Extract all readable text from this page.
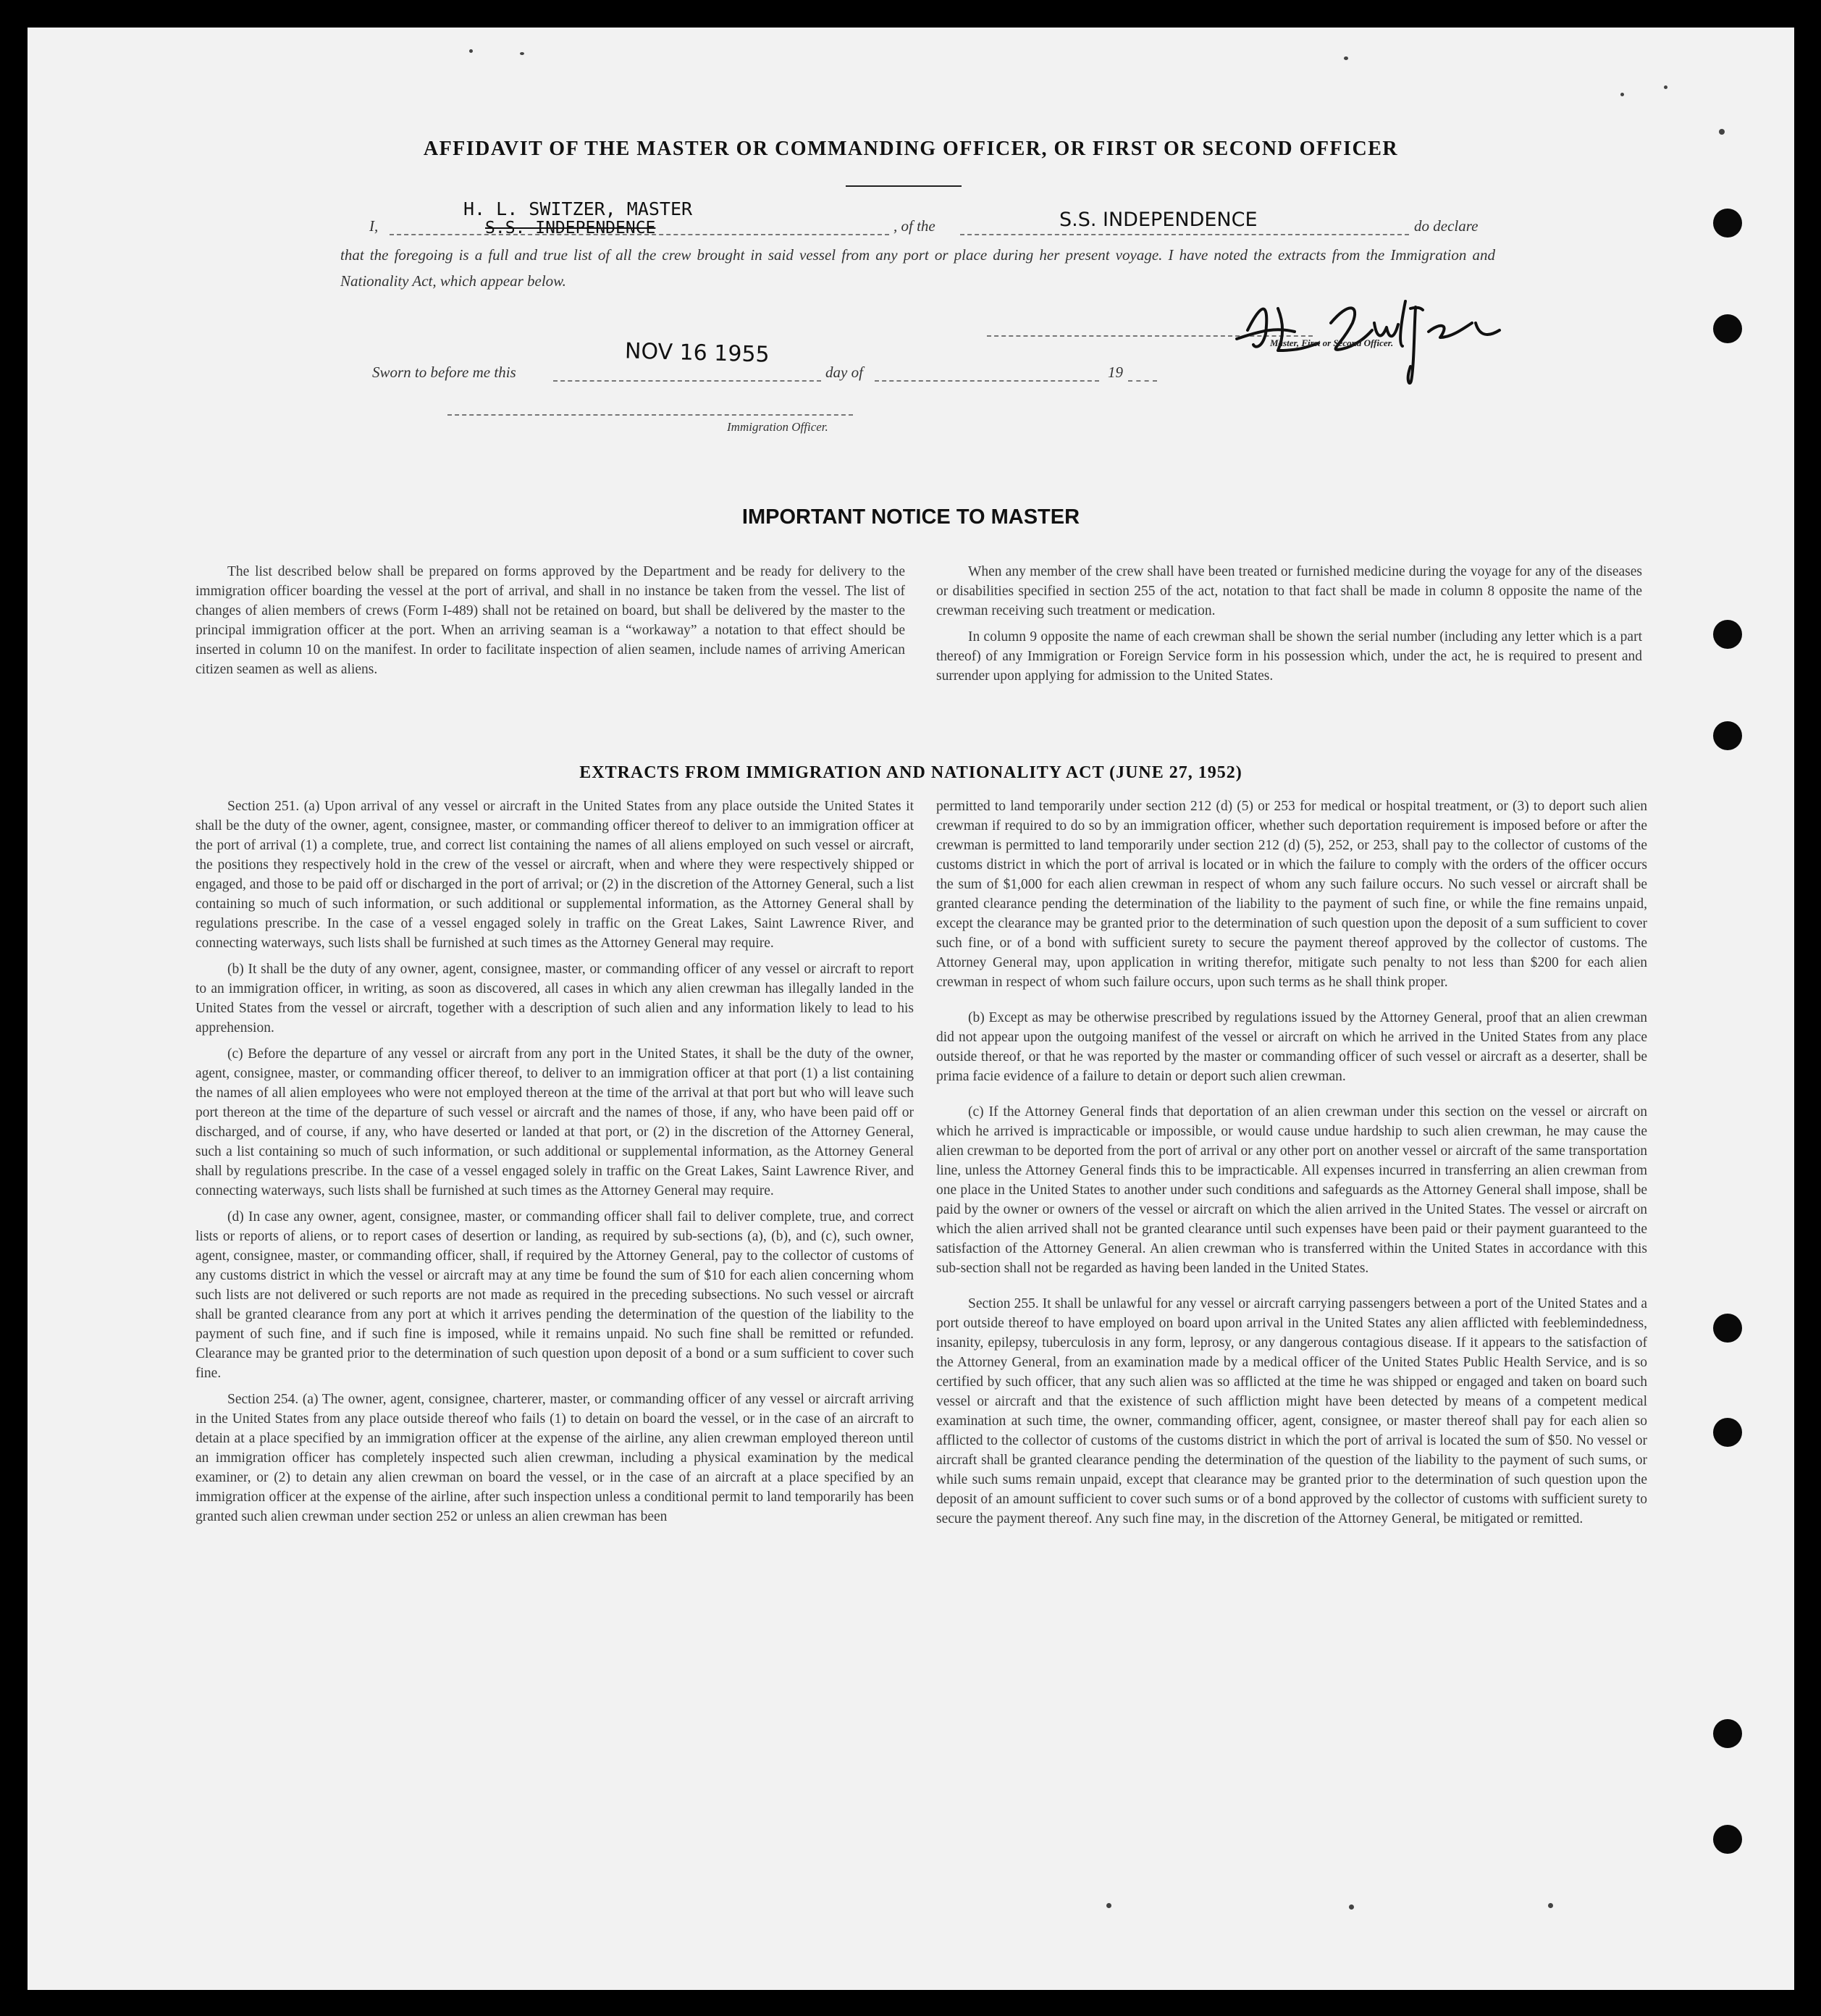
AFFIDAVIT OF THE MASTER OR COMMANDING OFFICER, OR FIRST OR SECOND OFFICER
I,
H. L. SWITZER, MASTER
S.S. INDEPENDENCE	, of the	S.S. INDEPENDENCE	do declare
that the foregoing is a full and true list of all the crew brought in said vessel from any port or place during her present voyage. I have noted the extracts from the Immigration and Nationality Act, which appear below.
Master, First or Second Officer.
Sworn to before me this
NOV 16 1955
day of	19
Immigration Officer.
IMPORTANT NOTICE TO MASTER

The list described below shall be prepared on forms approved by the Department and be ready for delivery to the immigration officer boarding the vessel at the port of arrival, and shall in no instance be taken from the vessel. The list of changes of alien members of crews (Form I-489) shall not be retained on board, but shall be delivered by the master to the principal immigration officer at the port. When an arriving seaman is a “workaway” a notation to that effect should be inserted in column 10 on the manifest. In order to facilitate inspection of alien seamen, include names of arriving American citizen seamen as well as aliens.

When any member of the crew shall have been treated or furnished medicine during the voyage for any of the diseases or disabilities specified in section 255 of the act, notation to that fact shall be made in column 8 opposite the name of the crewman receiving such treatment or medication.

In column 9 opposite the name of each crewman shall be shown the serial number (including any letter which is a part thereof) of any Immigration or Foreign Service form in his possession which, under the act, he is required to present and surrender upon applying for admission to the United States.

EXTRACTS FROM IMMIGRATION AND NATIONALITY ACT (JUNE 27, 1952)

Section 251. (a) Upon arrival of any vessel or aircraft in the United States from any place outside the United States it shall be the duty of the owner, agent, consignee, master, or commanding officer thereof to deliver to an immigration officer at the port of arrival (1) a complete, true, and correct list containing the names of all aliens employed on such vessel or aircraft, the positions they respectively hold in the crew of the vessel or aircraft, when and where they were respectively shipped or engaged, and those to be paid off or discharged in the port of arrival; or (2) in the discretion of the Attorney General, such a list containing so much of such information, or such additional or supplemental information, as the Attorney General shall by regulations prescribe. In the case of a vessel engaged solely in traffic on the Great Lakes, Saint Lawrence River, and connecting waterways, such lists shall be furnished at such times as the Attorney General may require.

(b) It shall be the duty of any owner, agent, consignee, master, or commanding officer of any vessel or aircraft to report to an immigration officer, in writing, as soon as discovered, all cases in which any alien crewman has illegally landed in the United States from the vessel or aircraft, together with a description of such alien and any information likely to lead to his apprehension.

(c) Before the departure of any vessel or aircraft from any port in the United States, it shall be the duty of the owner, agent, consignee, master, or commanding officer thereof, to deliver to an immigration officer at that port (1) a list containing the names of all alien employees who were not employed thereon at the time of the arrival at that port but who will leave such port thereon at the time of the departure of such vessel or aircraft and the names of those, if any, who have been paid off or discharged, and of course, if any, who have deserted or landed at that port, or (2) in the discretion of the Attorney General, such a list containing so much of such information, or such additional or supplemental information, as the Attorney General shall by regulations prescribe. In the case of a vessel engaged solely in traffic on the Great Lakes, Saint Lawrence River, and connecting waterways, such lists shall be furnished at such times as the Attorney General may require.

(d) In case any owner, agent, consignee, master, or commanding officer shall fail to deliver complete, true, and correct lists or reports of aliens, or to report cases of desertion or landing, as required by sub-sections (a), (b), and (c), such owner, agent, consignee, master, or commanding officer, shall, if required by the Attorney General, pay to the collector of customs of any customs district in which the vessel or aircraft may at any time be found the sum of $10 for each alien concerning whom such lists are not delivered or such reports are not made as required in the preceding subsections. No such vessel or aircraft shall be granted clearance from any port at which it arrives pending the determination of the question of the liability to the payment of such fine, and if such fine is imposed, while it remains unpaid. No such fine shall be remitted or refunded. Clearance may be granted prior to the determination of such question upon deposit of a bond or a sum sufficient to cover such fine.

Section 254. (a) The owner, agent, consignee, charterer, master, or commanding officer of any vessel or aircraft arriving in the United States from any place outside thereof who fails (1) to detain on board the vessel, or in the case of an aircraft to detain at a place specified by an immigration officer at the expense of the airline, any alien crewman employed thereon until an immigration officer has completely inspected such alien crewman, including a physical examination by the medical examiner, or (2) to detain any alien crewman on board the vessel, or in the case of an aircraft at a place specified by an immigration officer at the expense of the airline, after such inspection unless a conditional permit to land temporarily has been granted such alien crewman under section 252 or unless an alien crewman has been

permitted to land temporarily under section 212 (d) (5) or 253 for medical or hospital treatment, or (3) to deport such alien crewman if required to do so by an immigration officer, whether such deportation requirement is imposed before or after the crewman is permitted to land temporarily under section 212 (d) (5), 252, or 253, shall pay to the collector of customs of the customs district in which the port of arrival is located or in which the failure to comply with the orders of the officer occurs the sum of $1,000 for each alien crewman in respect of whom any such failure occurs. No such vessel or aircraft shall be granted clearance pending the determination of the liability to the payment of such fine, or while the fine remains unpaid, except the clearance may be granted prior to the determination of such question upon the deposit of a sum sufficient to cover such fine, or of a bond with sufficient surety to secure the payment thereof approved by the collector of customs. The Attorney General may, upon application in writing therefor, mitigate such penalty to not less than $200 for each alien crewman in respect of whom such failure occurs, upon such terms as he shall think proper.

(b) Except as may be otherwise prescribed by regulations issued by the Attorney General, proof that an alien crewman did not appear upon the outgoing manifest of the vessel or aircraft on which he arrived in the United States from any place outside thereof, or that he was reported by the master or commanding officer of such vessel or aircraft as a deserter, shall be prima facie evidence of a failure to detain or deport such alien crewman.

(c) If the Attorney General finds that deportation of an alien crewman under this section on the vessel or aircraft on which he arrived is impracticable or impossible, or would cause undue hardship to such alien crewman, he may cause the alien crewman to be deported from the port of arrival or any other port on another vessel or aircraft of the same transportation line, unless the Attorney General finds this to be impracticable. All expenses incurred in transferring an alien crewman from one place in the United States to another under such conditions and safeguards as the Attorney General shall impose, shall be paid by the owner or owners of the vessel or aircraft on which the alien arrived in the United States. The vessel or aircraft on which the alien arrived shall not be granted clearance until such expenses have been paid or their payment guaranteed to the satisfaction of the Attorney General. An alien crewman who is transferred within the United States in accordance with this sub-section shall not be regarded as having been landed in the United States.

Section 255. It shall be unlawful for any vessel or aircraft carrying passengers between a port of the United States and a port outside thereof to have employed on board upon arrival in the United States any alien afflicted with feeblemindedness, insanity, epilepsy, tuberculosis in any form, leprosy, or any dangerous contagious disease. If it appears to the satisfaction of the Attorney General, from an examination made by a medical officer of the United States Public Health Service, and is so certified by such officer, that any such alien was so afflicted at the time he was shipped or engaged and taken on board such vessel or aircraft and that the existence of such affliction might have been detected by means of a competent medical examination at such time, the owner, commanding officer, agent, consignee, or master thereof shall pay for each alien so afflicted to the collector of customs of the customs district in which the port of arrival is located the sum of $50. No vessel or aircraft shall be granted clearance pending the determination of the question of the liability to the payment of such sums, or while such sums remain unpaid, except that clearance may be granted prior to the determination of such question upon the deposit of an amount sufficient to cover such sums or of a bond approved by the collector of customs with sufficient surety to secure the payment thereof. Any such fine may, in the discretion of the Attorney General, be mitigated or remitted.
